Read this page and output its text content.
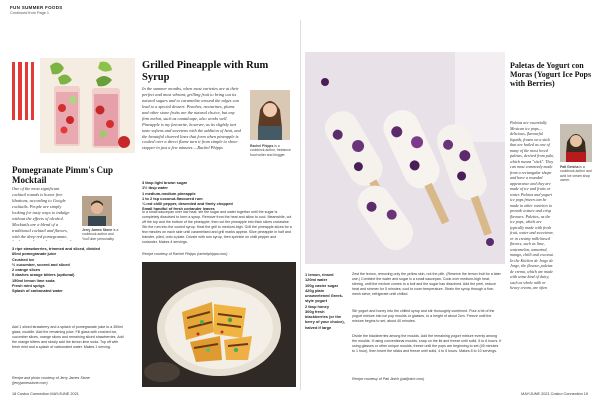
FUN SUMMER FOODS
Continued from Page 1
Pomegranate Pimm's Cup Mocktail
One of the most significant cocktail rounds is honor free libations, according to Google cocktails. People are simply looking for tasty ways to indulge without the effects of alcohol. Mocktails are a blend of a traditional cocktail and flavors, with the deep red pomegranate,
Jerry James Stone is a cookbook author and YouTuber personality.
3 ripe strawberries, trimmed and sliced, divided
60ml pomegranate juice
Crushed ice
½ cucumber, scored and sliced
2 orange slices
5 dashes orange bitters (optional)
150ml lemon lime soda
Fresh mint sprigs
Splash of carbonated water
Add 1 sliced strawberry and a splash of pomegranate juice to a 350ml glass, muddle. Add the remaining juice. Fill glass with crushed ice, cucumber slices, orange slices and remaining sliced strawberries. Add the orange bitters and slowly add the lemon-lime soda. Top off with fresh mint and a splash of carbonated water. Makes 1 serving.
Recipe and photo courtesy of Jerry James Stone (jerryjamesstone.com)
Grilled Pineapple with Rum Syrup
In the summer months, when most varieties are at their perfect and most vibrant, grilling fruit to bring out its natural sugars and to caramelize around the edges can lead to a special dessert. Peaches, nectarines, plums and other stone fruits are the natural choice, but any firm melon, such as cantaloupe, also works well. Pineapple is my favourite, however, as its slightly tart taste softens and sweetens with the addition of heat, and the beautiful charred lines that form when pineapple is cooked over a direct flame turn it from simple to show-stopper in just a few minutes.—Rachel Phipps	Rachel Phipps is a cookbook author, freelance food writer and blogger.
3 tbsp light brown sugar
1½ tbsp water
1 medium-medium pineapple
1 to 2 tsp coconut-flavoured rum
¼ red chilli pepper, deseeded and finely chopped
Small handful of fresh coriander leaves
In a small saucepan over low heat, stir the sugar and water together until the sugar is completely dissolved to form a syrup. Remove from the heat and allow to cool. Meanwhile, cut off the top and the bottom of the pineapple, then cut the pineapple into thick slices crosswise. Stir the rum into the cooled syrup. Heat the grill to medium-high. Grill the pineapple slices for a few minutes on each side until caramelised and grill marks appear. Slice pineapple in half and transfer, piled, onto a plate. Drizzle with rum syrup, then sprinkle on chilli pepper and coriander. Makes 4 servings.
Recipe courtesy of Rachel Phipps (rachelphipps.com)
Paletas de Yogurt con Moras (Yogurt Ice Pops with Berries)
Paletas are essentially Mexican ice pops—delicious, flavourful liquids, frozen on a stick that are hailed as one of many of the most loved paletas, derived from palo, which means "stick". They can most commonly made from a rectangular shape and have a rounded appearance and they are made of ice and fruits or water. Paletas and yogurt ice pops frozen can be made in other varieties to provide texture and crisp flavours. Palettes, as the ice pops, which are typically made with fresh fruit, water and sweetener, or in creamy milk-based flavors, such as lime, watermelon, tamarind, mango, chilli and coconut. In the Kitchen de Jorge de Jorge, the flavour, paletas de crema, which are made with some kind of dairy, such as whole milk or heavy cream, are often
Pati Geisha is a cookbook author and avid ice cream shop owner.
1 lemon, rinsed
120ml water
100g caster sugar
420g plain unsweetened Greek-style yogurt
2 tbsp honey
300g fresh blackberries (or the berry of your choice), halved if large
Zest the lemon, removing only the yellow skin, not the pith. (Reserve the lemon fruit for a later use.) Combine the water and sugar in a small saucepan. Cook over medium-high heat, stirring, until the mixture comes to a boil and the sugar has dissolved. Add the peel, reduce heat and simmer for 5 minutes; cool to room temperature. Strain the syrup through a fine-mesh sieve; refrigerate until chilled.
Stir yogurt and honey into the chilled syrup and stir thoroughly combined. Pour a bit of the yogurt mixture into ice pop moulds or glasses, to a height of about 2cm. Freeze until the mixture begins to set, about 40 minutes.
Divide the blackberries among the moulds. Add the remaining yogurt mixture evenly among the moulds. If using conventional moulds, snap on the lid and freeze until solid, 5 to 6 hours. If using glasses or other unique moulds, freeze until the pops are beginning to set (45 minutes to 1 hour), then insert the sticks and freeze until solid, 4 to 5 hours. Makes 8 to 10 servings.
Recipe courtesy of Pati Jinich (patijinich.com)
18 Costco Connection MAY/JUNE 2021	MAY/JUNE 2021 Costco Connection 19
